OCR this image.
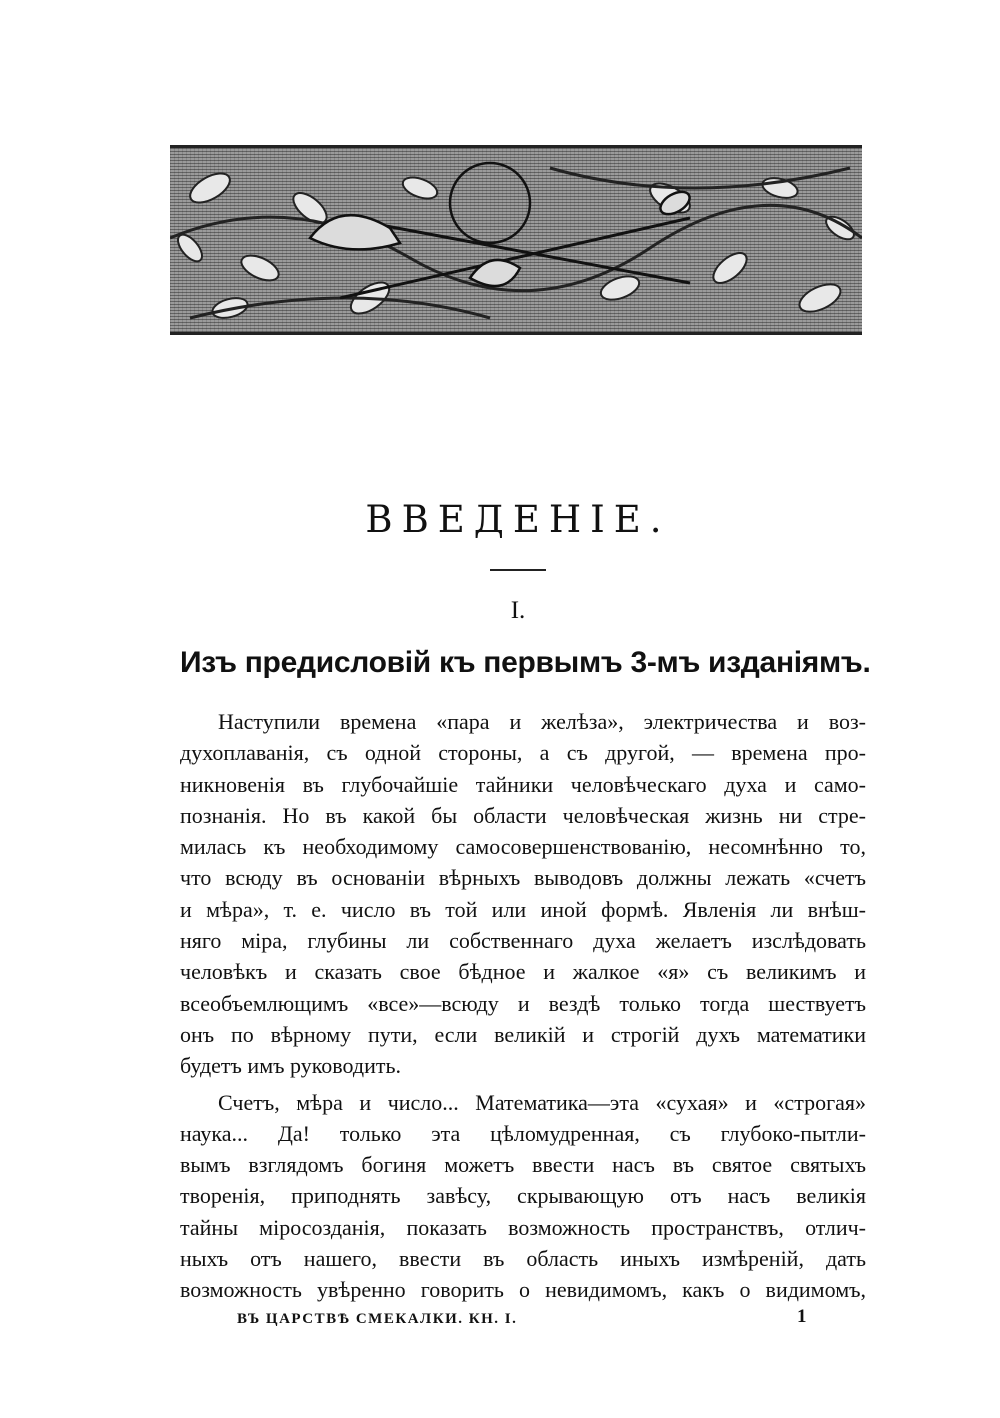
ВВЕДЕНІЕ.
I.
Изъ предисловій къ первымъ 3-мъ изданіямъ.
Наступили времена «пара и желѣза», электричества и воз-
духоплаванія, съ одной стороны, а съ другой, — времена про-
никновенія въ глубочайшіе тайники человѣческаго духа и само-
познанія. Но въ какой бы области человѣческая жизнь ни стре-
милась къ необходимому самосовершенствованію, несомнѣнно то,
что всюду въ основаніи вѣрныхъ выводовъ должны лежать «счетъ
и мѣра», т. е. число въ той или иной формѣ. Явленія ли внѣш-
няго міра, глубины ли собственнаго духа желаетъ изслѣдовать
человѣкъ и сказать свое бѣдное и жалкое «я» съ великимъ и
всеобъемлющимъ «все»—всюду и вездѣ только тогда шествуетъ
онъ по вѣрному пути, если великій и строгій духъ математики
будетъ имъ руководить.
Счетъ, мѣра и число... Математика—эта «сухая» и «строгая»
наука... Да! только эта цѣломудренная, съ глубоко-пытли-
вымъ взглядомъ богиня можетъ ввести насъ въ святое святыхъ
творенія, приподнять завѣсу, скрывающую отъ насъ великія
тайны міросозданія, показать возможность пространствъ, отлич-
ныхъ отъ нашего, ввести въ область иныхъ измѣреній, дать
возможность увѣренно говорить о невидимомъ, какъ о видимомъ,
ВЪ ЦАРСТВѢ СМЕКАЛКИ. КН. I.	1
